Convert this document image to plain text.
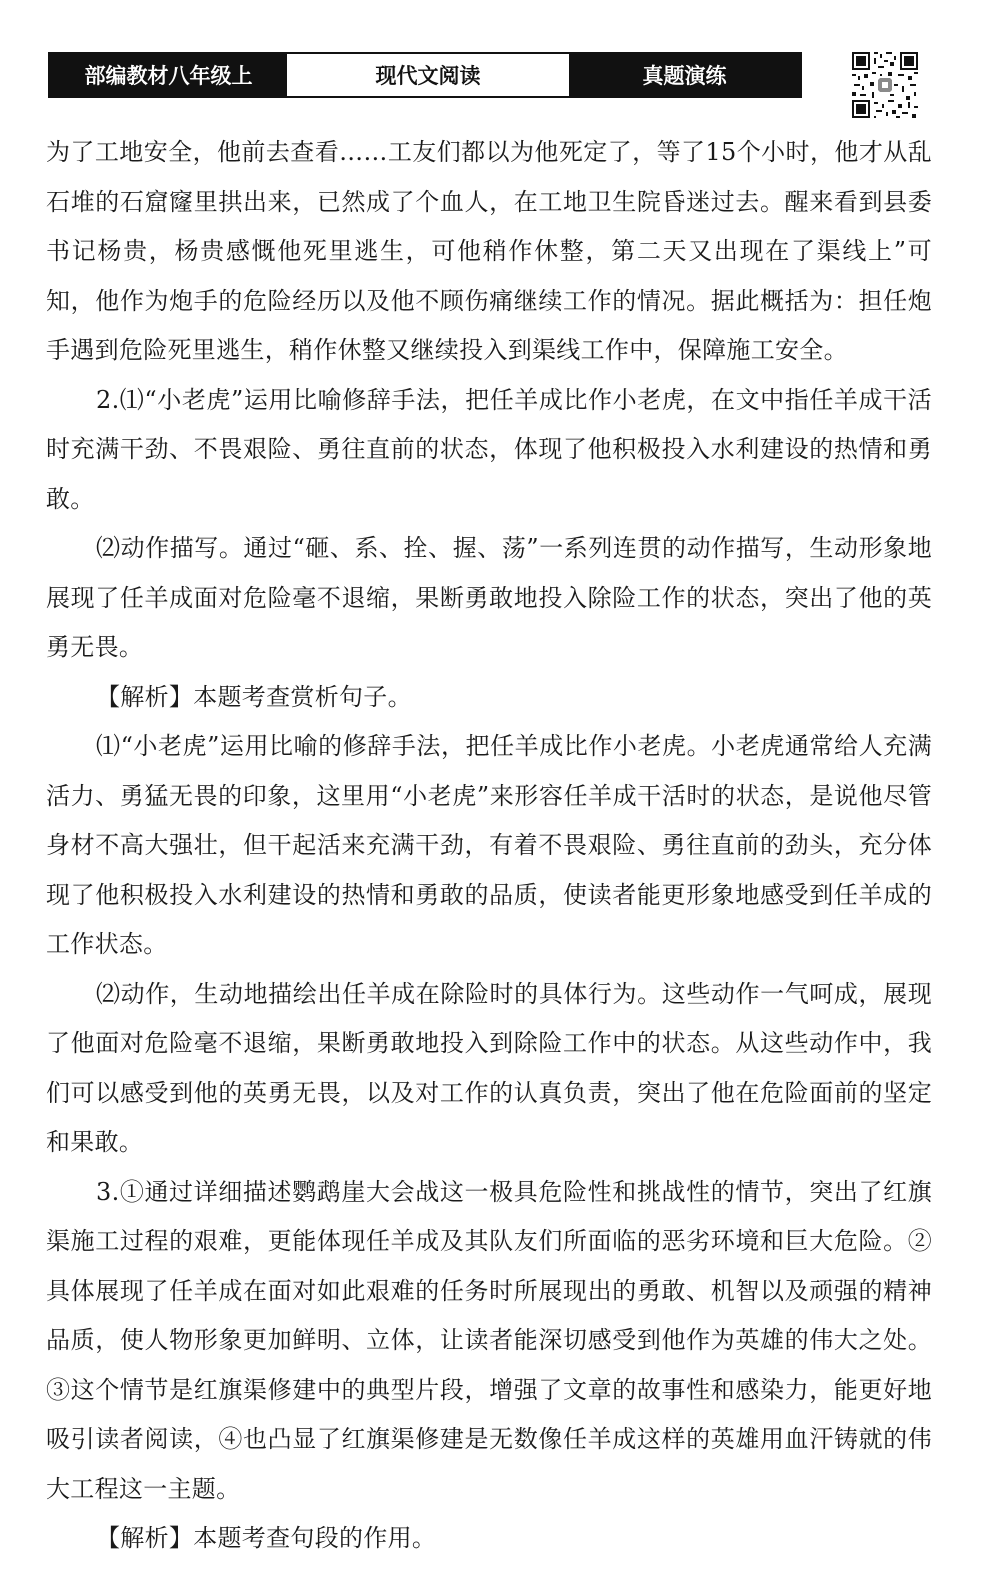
部编教材八年级上	现代文阅读	真题演练

为了工地安全，他前去查看……工友们都以为他死定了，等了15个小时，他才从乱石堆的石窟窿里拱出来，已然成了个血人，在工地卫生院昏迷过去。醒来看到县委书记杨贵，杨贵感慨他死里逃生，可他稍作休整，第二天又出现在了渠线上”可知，他作为炮手的危险经历以及他不顾伤痛继续工作的情况。据此概括为：担任炮手遇到危险死里逃生，稍作休整又继续投入到渠线工作中，保障施工安全。

2.⑴“小老虎”运用比喻修辞手法，把任羊成比作小老虎，在文中指任羊成干活时充满干劲、不畏艰险、勇往直前的状态，体现了他积极投入水利建设的热情和勇敢。

⑵动作描写。通过“砸、系、拴、握、荡”一系列连贯的动作描写，生动形象地展现了任羊成面对危险毫不退缩，果断勇敢地投入除险工作的状态，突出了他的英勇无畏。

【解析】本题考查赏析句子。

⑴“小老虎”运用比喻的修辞手法，把任羊成比作小老虎。小老虎通常给人充满活力、勇猛无畏的印象，这里用“小老虎”来形容任羊成干活时的状态，是说他尽管身材不高大强壮，但干起活来充满干劲，有着不畏艰险、勇往直前的劲头，充分体现了他积极投入水利建设的热情和勇敢的品质，使读者能更形象地感受到任羊成的工作状态。

⑵动作，生动地描绘出任羊成在除险时的具体行为。这些动作一气呵成，展现了他面对危险毫不退缩，果断勇敢地投入到除险工作中的状态。从这些动作中，我们可以感受到他的英勇无畏，以及对工作的认真负责，突出了他在危险面前的坚定和果敢。

3.①通过详细描述鹦鹉崖大会战这一极具危险性和挑战性的情节，突出了红旗渠施工过程的艰难，更能体现任羊成及其队友们所面临的恶劣环境和巨大危险。②具体展现了任羊成在面对如此艰难的任务时所展现出的勇敢、机智以及顽强的精神品质，使人物形象更加鲜明、立体，让读者能深切感受到他作为英雄的伟大之处。③这个情节是红旗渠修建中的典型片段，增强了文章的故事性和感染力，能更好地吸引读者阅读，④也凸显了红旗渠修建是无数像任羊成这样的英雄用血汗铸就的伟大工程这一主题。

【解析】本题考查句段的作用。
